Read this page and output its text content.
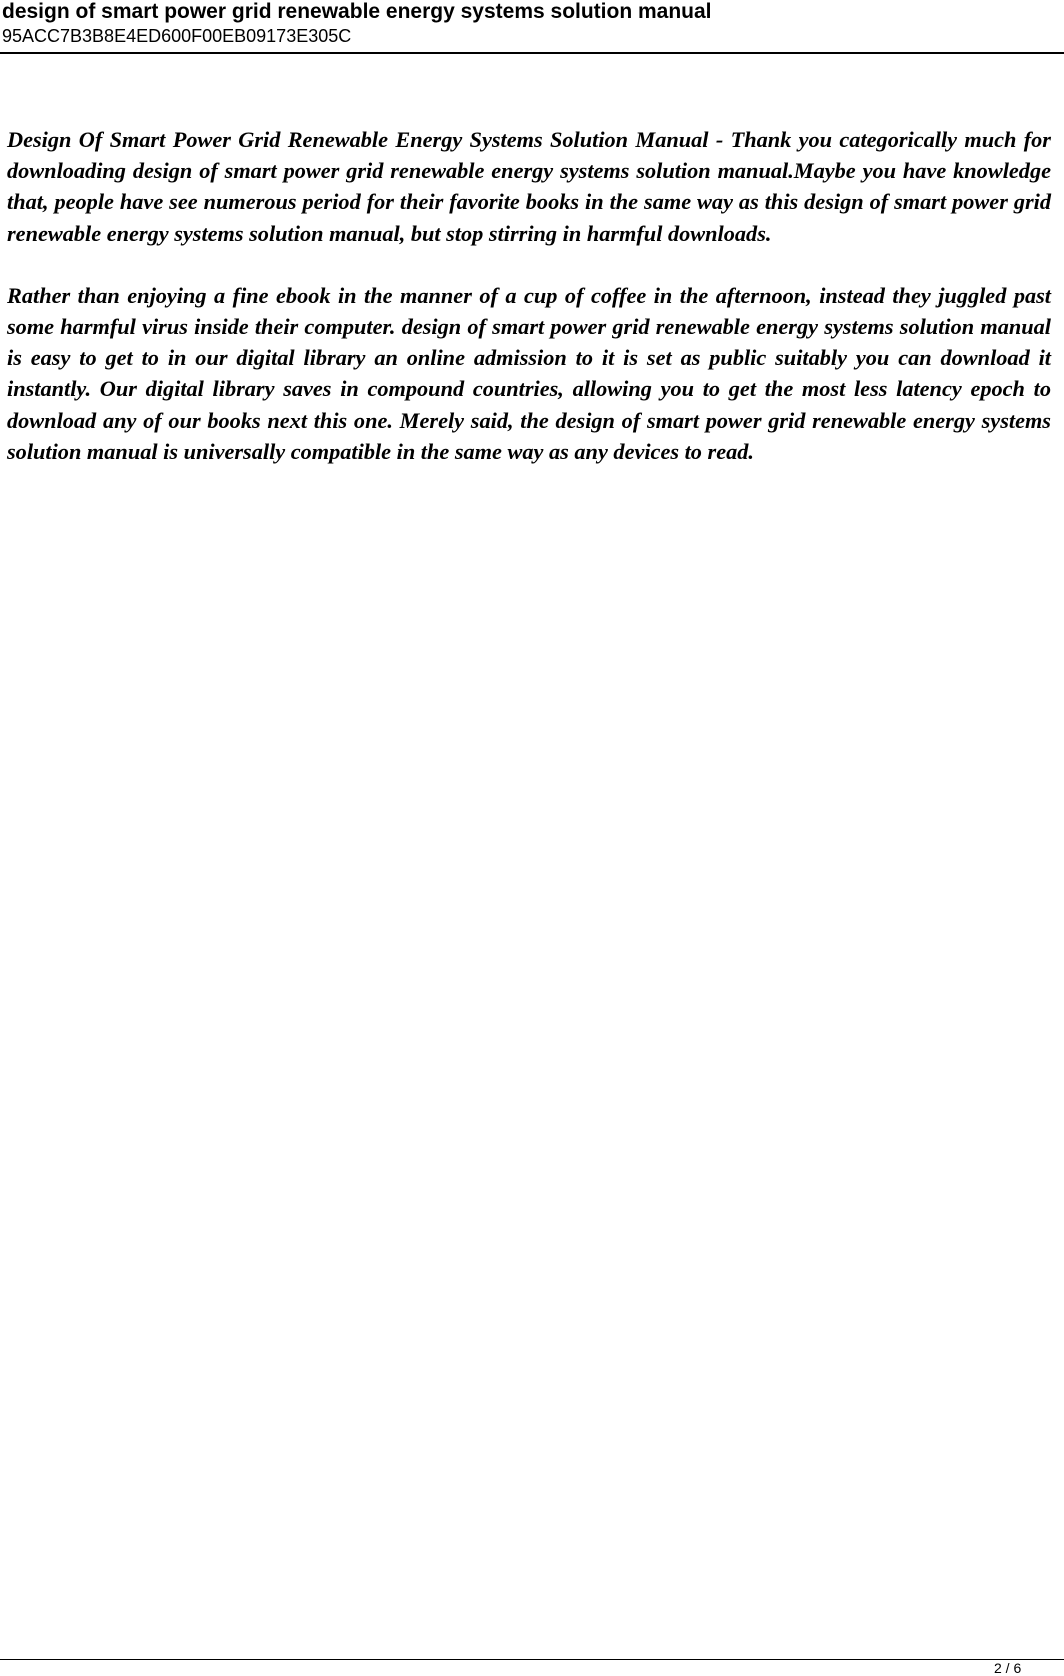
design of smart power grid renewable energy systems solution manual
95ACC7B3B8E4ED600F00EB09173E305C

Design Of Smart Power Grid Renewable Energy Systems Solution Manual - Thank you categorically much for downloading design of smart power grid renewable energy systems solution manual.Maybe you have knowledge that, people have see numerous period for their favorite books in the same way as this design of smart power grid renewable energy systems solution manual, but stop stirring in harmful downloads.

Rather than enjoying a fine ebook in the manner of a cup of coffee in the afternoon, instead they juggled past some harmful virus inside their computer. design of smart power grid renewable energy systems solution manual is easy to get to in our digital library an online admission to it is set as public suitably you can download it instantly. Our digital library saves in compound countries, allowing you to get the most less latency epoch to download any of our books next this one. Merely said, the design of smart power grid renewable energy systems solution manual is universally compatible in the same way as any devices to read.

2 / 6
